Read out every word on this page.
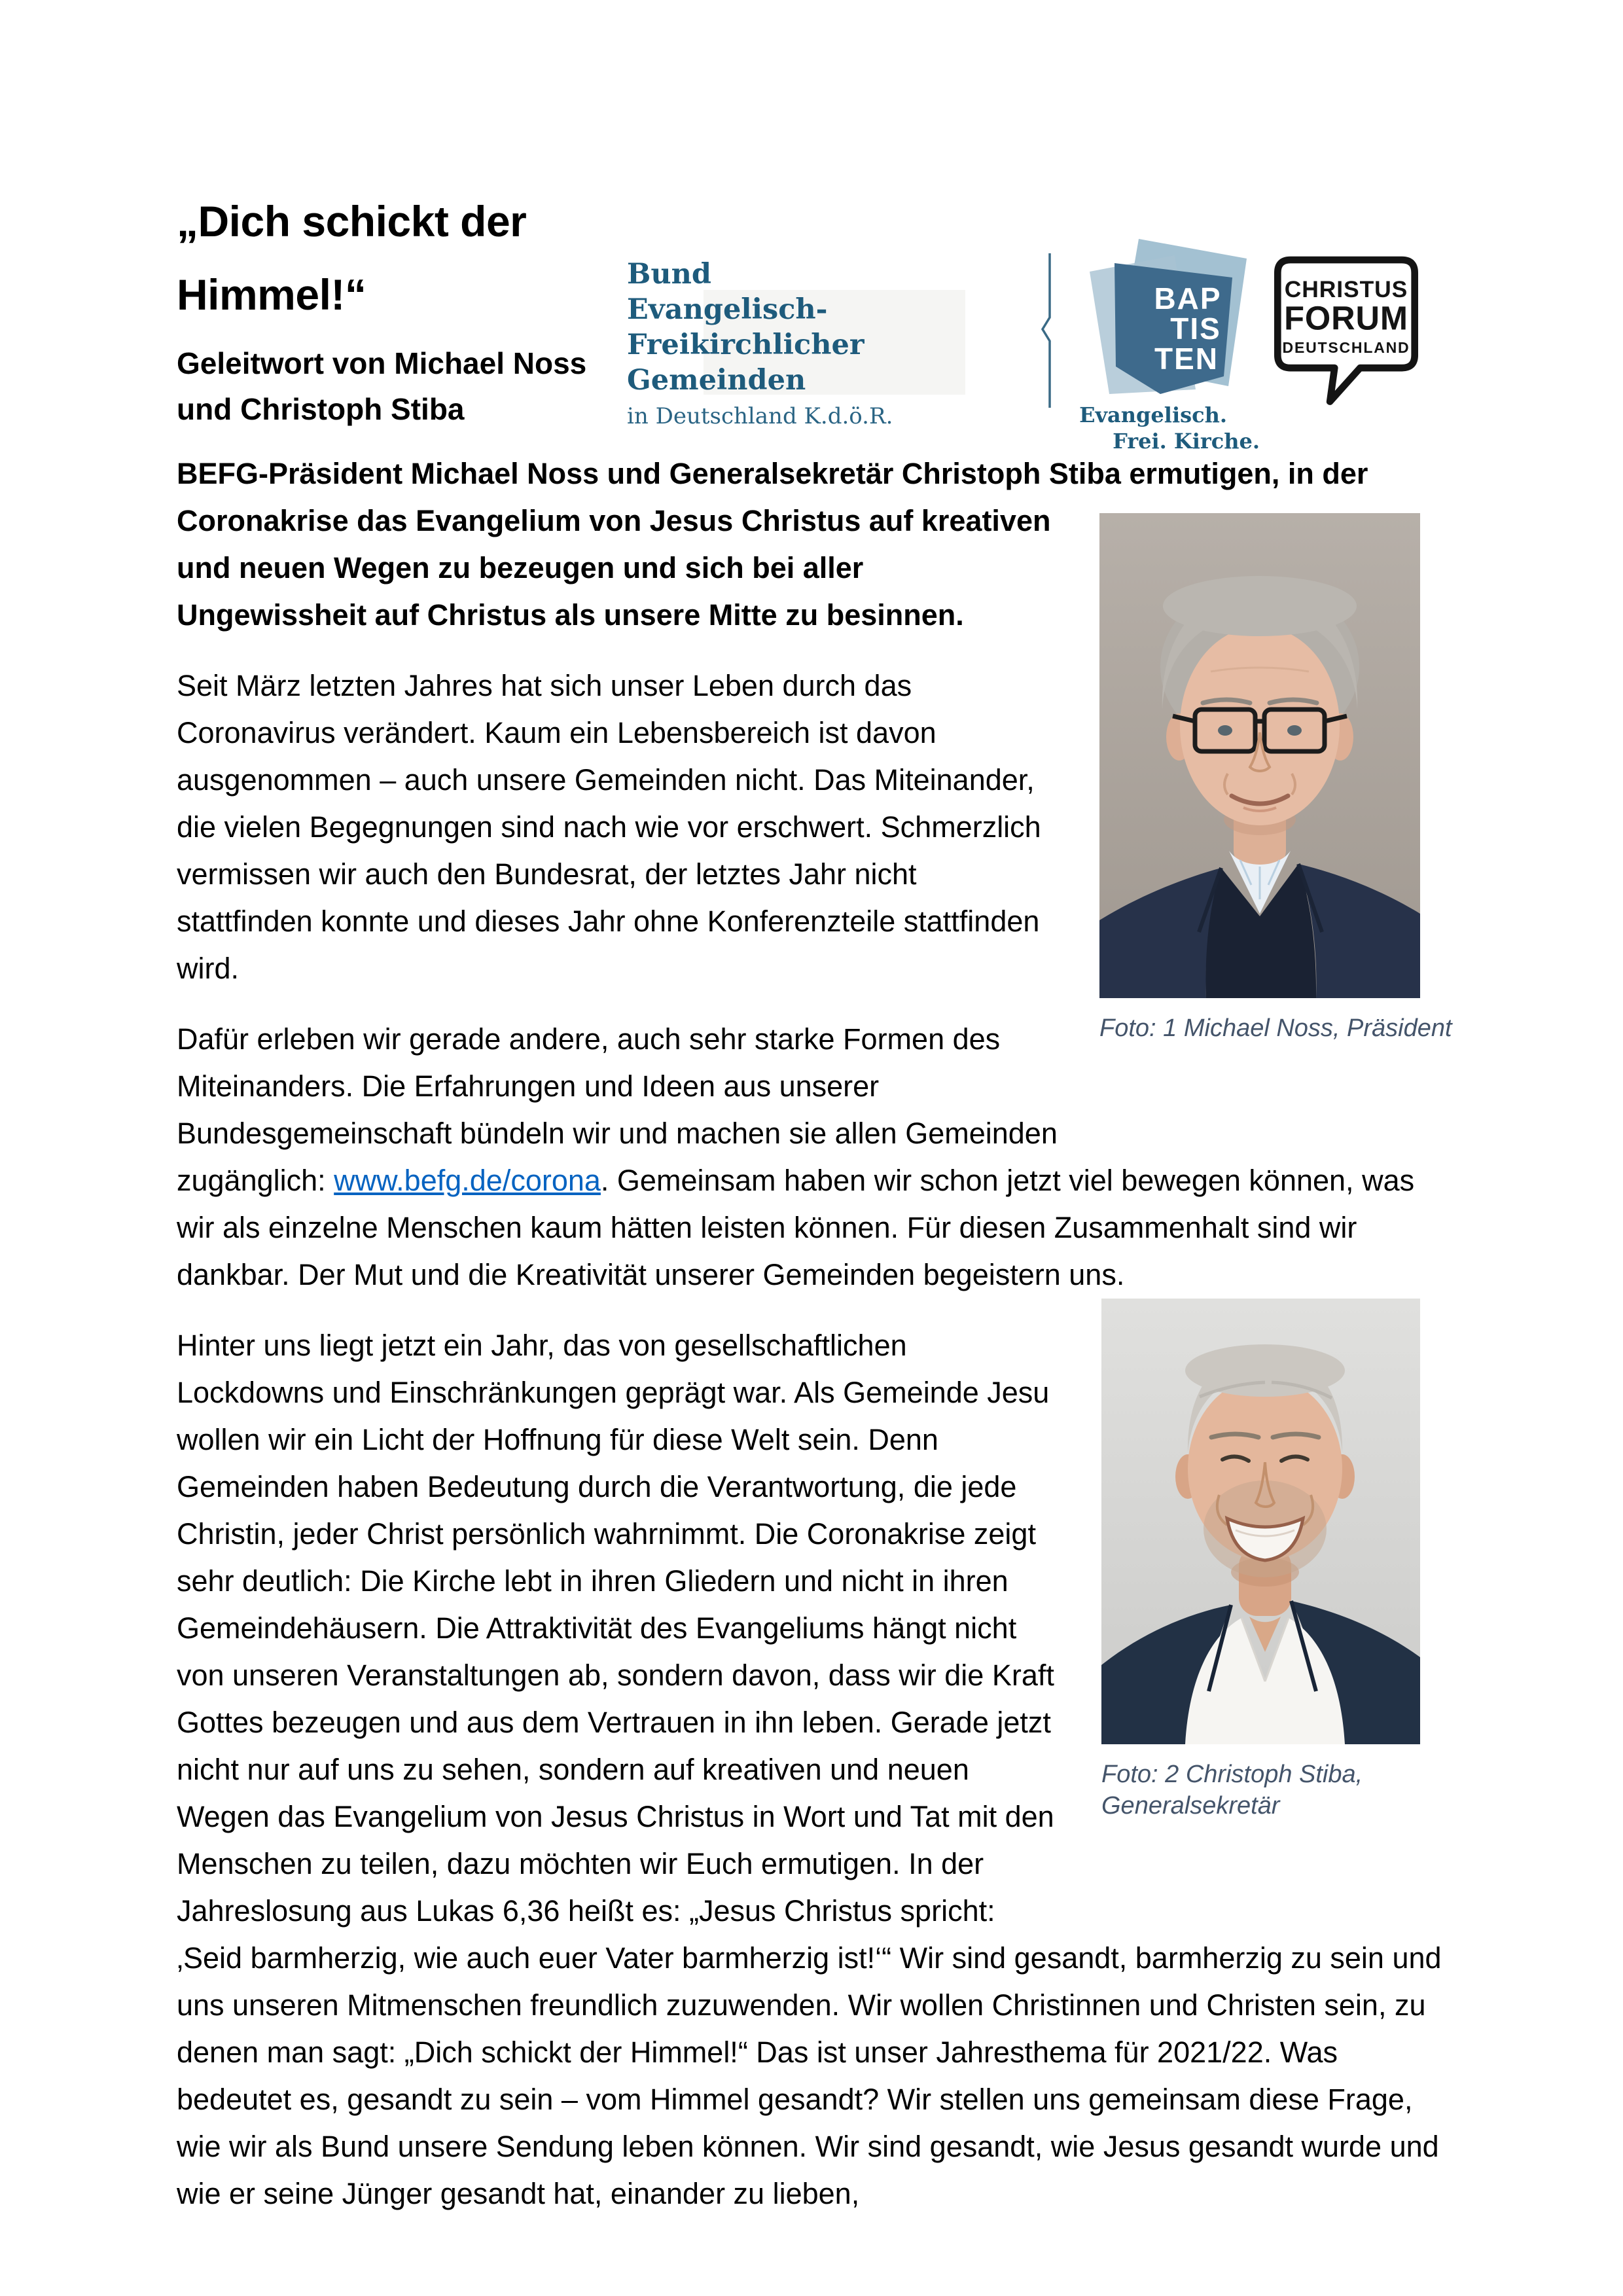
„Dich schickt der
Himmel!“
Geleitwort von Michael Noss
und Christoph Stiba
Bund
Evangelisch-Freikirchlicher
Gemeinden
in Deutschland K.d.ö.R.
BAP
TIS
TEN
Evangelisch.
Frei. Kirche.
CHRISTUS
FORUM
DEUTSCHLAND

Foto: 1 Michael Noss, Präsident
BEFG-Präsident Michael Noss und Generalsekretär Christoph Stiba ermutigen, in der Coronakrise das Evangelium von Jesus Christus auf kreativen und neuen Wegen zu bezeugen und sich bei aller Ungewissheit auf Christus als unsere Mitte zu besinnen.

Seit März letzten Jahres hat sich unser Leben durch das Coronavirus verändert. Kaum ein Lebensbereich ist davon ausgenommen – auch unsere Gemeinden nicht. Das Miteinander, die vielen Begegnungen sind nach wie vor erschwert. Schmerzlich vermissen wir auch den Bundesrat, der letztes Jahr nicht stattfinden konnte und dieses Jahr ohne Konferenzteile stattfinden wird.

Dafür erleben wir gerade andere, auch sehr starke Formen des Miteinanders. Die Erfahrungen und Ideen aus unserer Bundesgemeinschaft bündeln wir und machen sie allen Gemeinden zugänglich: www.befg.de/corona. Gemeinsam haben wir schon jetzt viel bewegen können, was wir als einzelne Menschen kaum hätten leisten können. Für diesen Zusammenhalt sind wir dankbar. Der Mut und die Kreativität unserer Gemeinden begeistern uns.
Foto: 2 Christoph Stiba, Generalsekretär

Hinter uns liegt jetzt ein Jahr, das von gesellschaftlichen Lockdowns und Einschränkungen geprägt war. Als Gemeinde Jesu wollen wir ein Licht der Hoffnung für diese Welt sein. Denn Gemeinden haben Bedeutung durch die Verantwortung, die jede Christin, jeder Christ persönlich wahrnimmt. Die Coronakrise zeigt sehr deutlich: Die Kirche lebt in ihren Gliedern und nicht in ihren Gemeindehäusern. Die Attraktivität des Evangeliums hängt nicht von unseren Veranstaltungen ab, sondern davon, dass wir die Kraft Gottes bezeugen und aus dem Vertrauen in ihn leben. Gerade jetzt nicht nur auf uns zu sehen, sondern auf kreativen und neuen Wegen das Evangelium von Jesus Christus in Wort und Tat mit den Menschen zu teilen, dazu möchten wir Euch ermutigen. In der Jahreslosung aus Lukas 6,36 heißt es: „Jesus Christus spricht: ‚Seid barmherzig, wie auch euer Vater barmherzig ist!‘“ Wir sind gesandt, barmherzig zu sein und uns unseren Mitmenschen freundlich zuzuwenden. Wir wollen Christinnen und Christen sein, zu denen man sagt: „Dich schickt der Himmel!“ Das ist unser Jahresthema für 2021/22. Was bedeutet es, gesandt zu sein – vom Himmel gesandt? Wir stellen uns gemeinsam diese Frage, wie wir als Bund unsere Sendung leben können. Wir sind gesandt, wie Jesus gesandt wurde und wie er seine Jünger gesandt hat, einander zu lieben,
